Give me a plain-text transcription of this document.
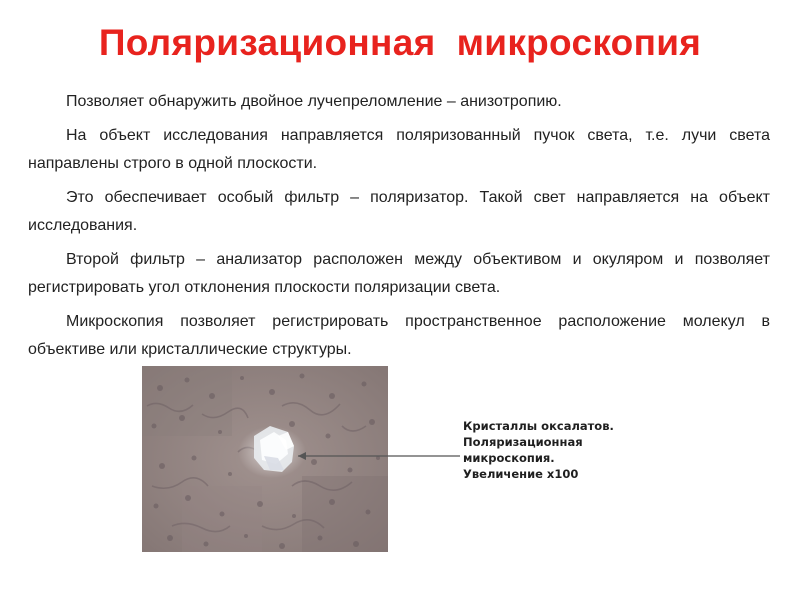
Поляризационная  микроскопия

Позволяет обнаружить двойное лучепреломление – анизотропию.

На объект исследования направляется поляризованный пучок света, т.е. лучи света направлены строго в одной плоскости.

Это обеспечивает особый фильтр – поляризатор. Такой свет направляется на объект исследования.

Второй фильтр – анализатор расположен между объективом и окуляром и позволяет регистрировать угол отклонения плоскости поляризации света.

Микроскопия позволяет регистрировать пространственное расположение молекул в объективе или кристаллические структуры.

Кристаллы оксалатов.
Поляризационная
микроскопия.
Увеличение х100
